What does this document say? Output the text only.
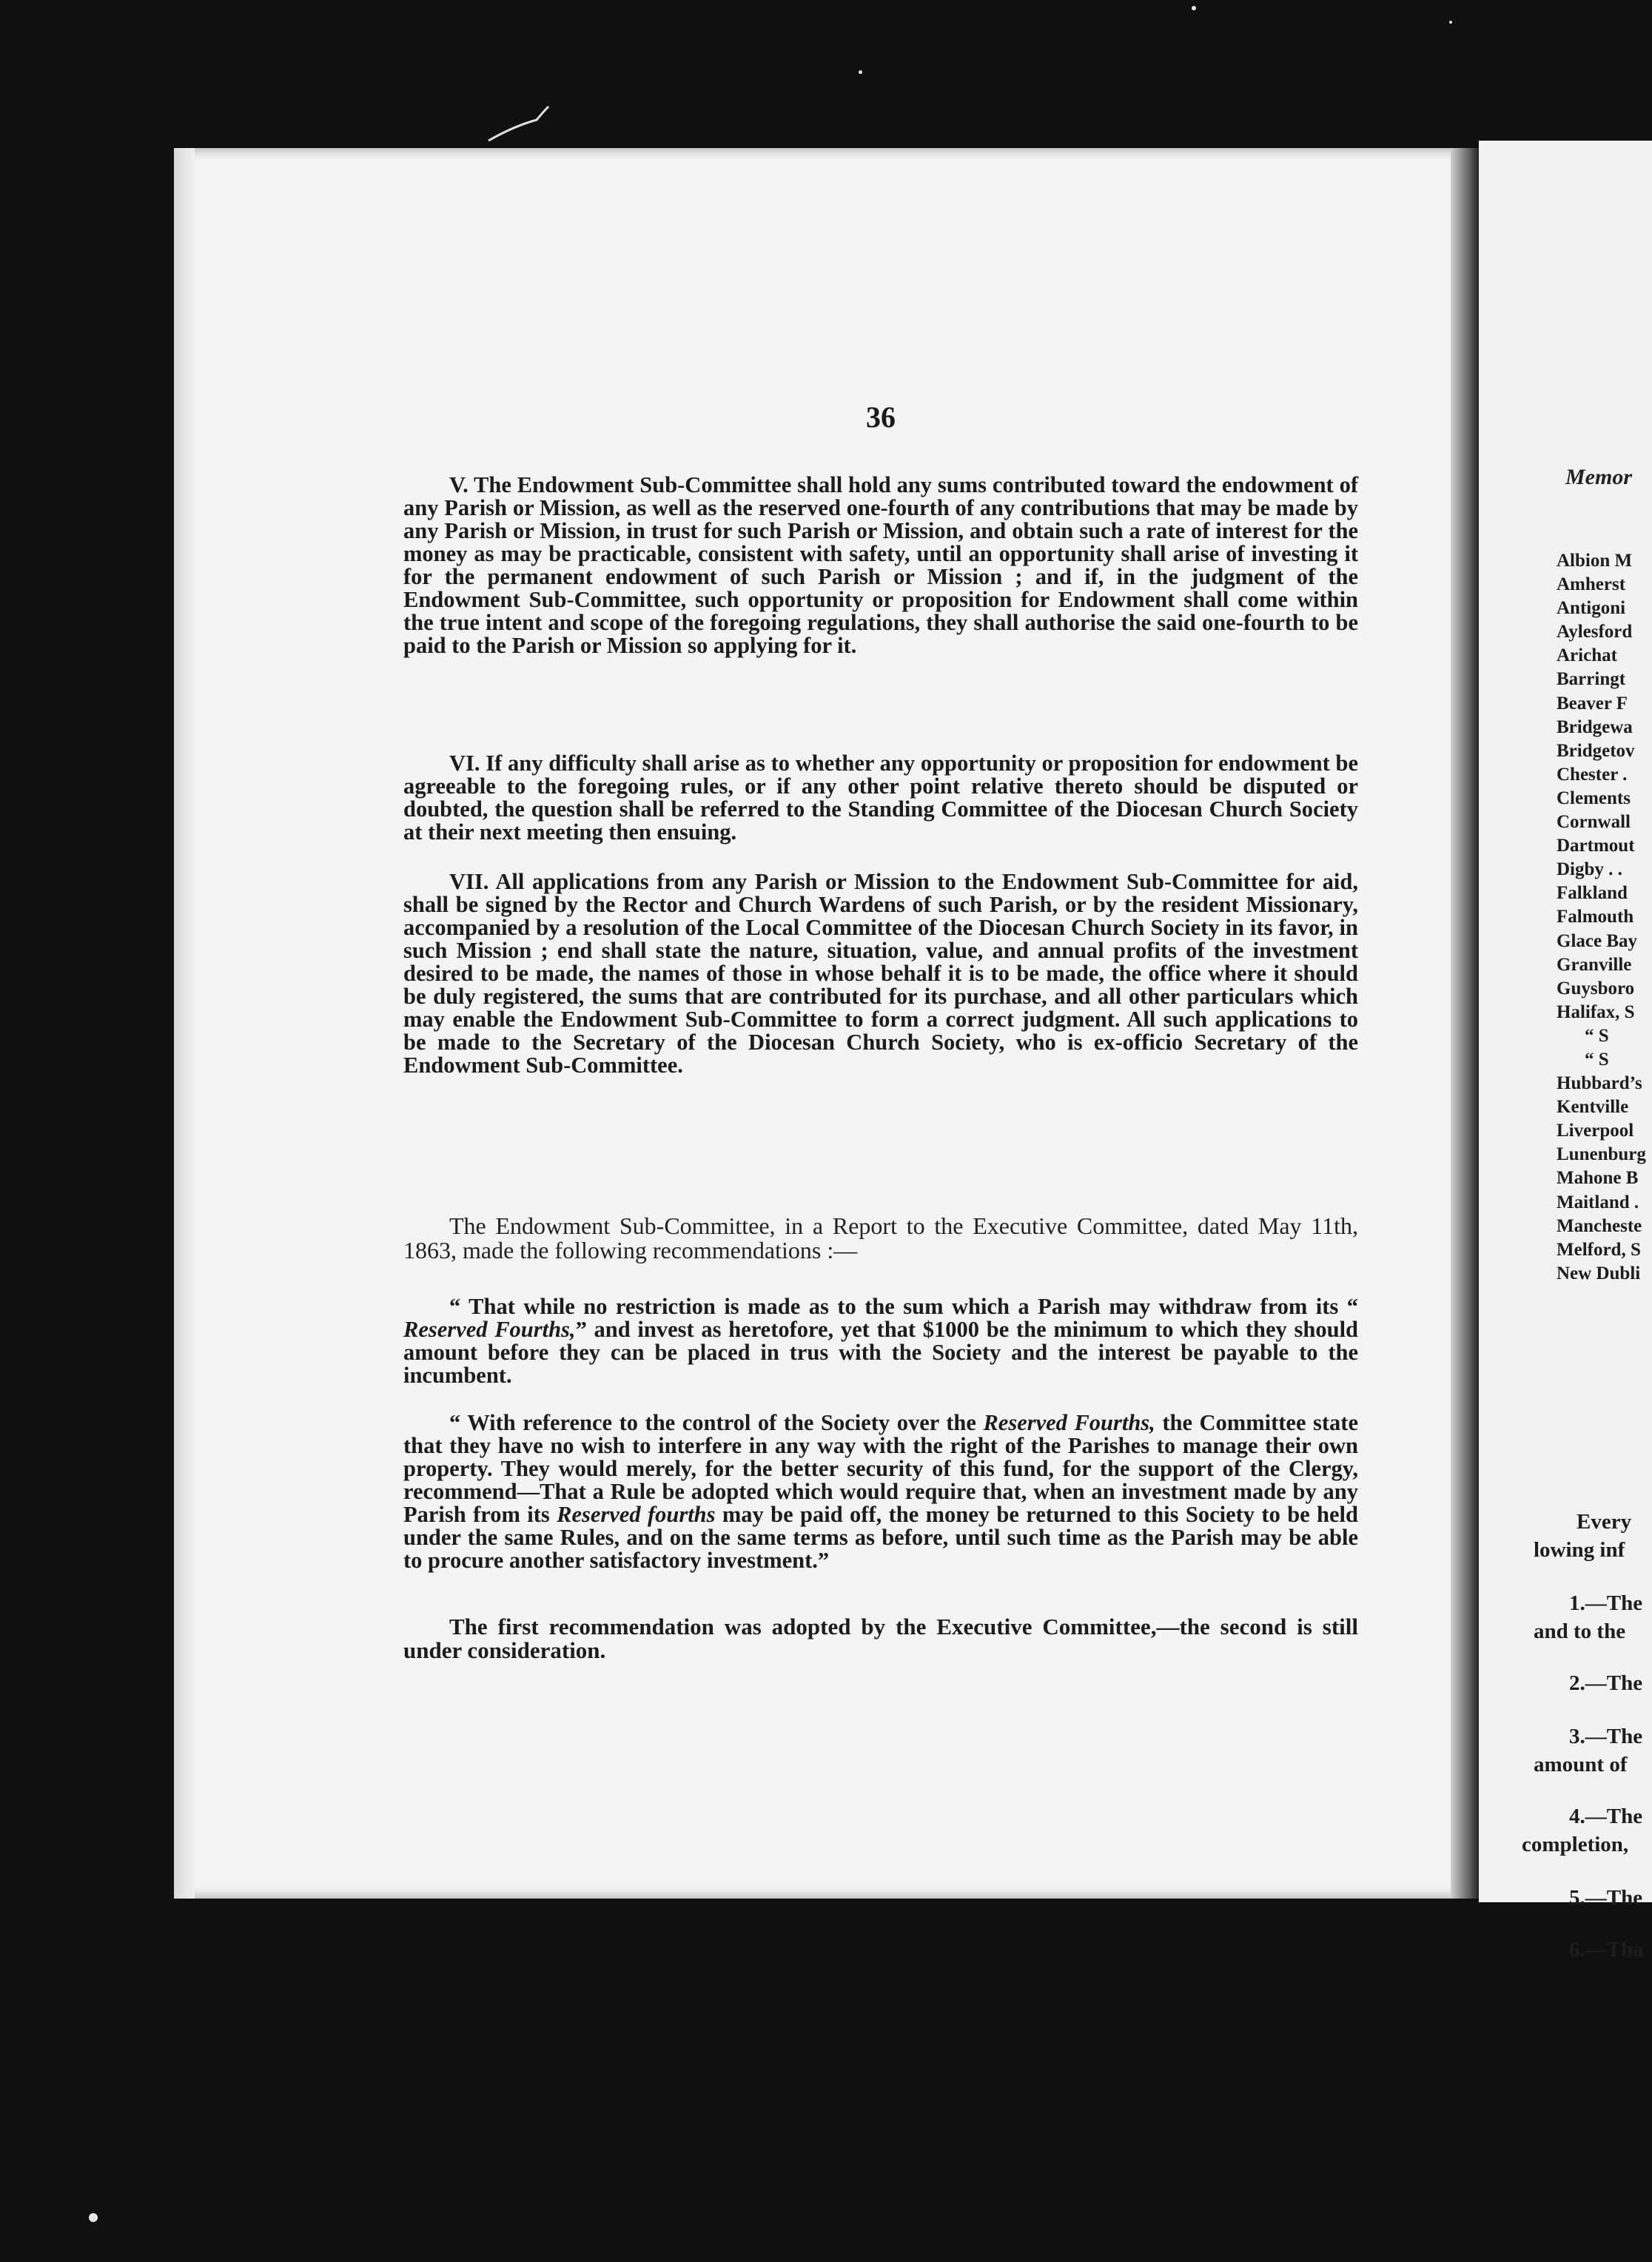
36

V. The Endowment Sub-Committee shall hold any sums contributed toward the endowment of any Parish or Mission, as well as the reserved one-fourth of any contributions that may be made by any Parish or Mission, in trust for such Parish or Mission, and obtain such a rate of interest for the money as may be practicable, consistent with safety, until an opportunity shall arise of investing it for the permanent endowment of such Parish or Mission ; and if, in the judgment of the Endowment Sub-Committee, such opportunity or proposition for Endowment shall come within the true intent and scope of the foregoing regulations, they shall authorise the said one-fourth to be paid to the Parish or Mission so applying for it.

VI. If any difficulty shall arise as to whether any opportunity or proposition for endowment be agreeable to the foregoing rules, or if any other point relative thereto should be disputed or doubted, the question shall be referred to the Standing Committee of the Diocesan Church Society at their next meeting then ensuing.

VII. All applications from any Parish or Mission to the Endowment Sub-Committee for aid, shall be signed by the Rector and Church Wardens of such Parish, or by the resident Missionary, accompanied by a resolution of the Local Committee of the Diocesan Church Society in its favor, in such Mission ; end shall state the nature, situation, value, and annual profits of the investment desired to be made, the names of those in whose behalf it is to be made, the office where it should be duly registered, the sums that are contributed for its purchase, and all other particulars which may enable the Endowment Sub-Committee to form a correct judgment. All such applications to be made to the Secretary of the Diocesan Church Society, who is ex-officio Secretary of the Endowment Sub-Committee.

The Endowment Sub-Committee, in a Report to the Executive Committee, dated May 11th, 1863, made the following recommendations :—

“ That while no restriction is made as to the sum which a Parish may withdraw from its “ Reserved Fourths,” and invest as heretofore, yet that $1000 be the minimum to which they should amount before they can be placed in trus with the Society and the interest be payable to the incumbent.

“ With reference to the control of the Society over the Reserved Fourths, the Committee state that they have no wish to interfere in any way with the right of the Parishes to manage their own property. They would merely, for the better security of this fund, for the support of the Clergy, recommend—That a Rule be adopted which would require that, when an investment made by any Parish from its Reserved fourths may be paid off, the money be returned to this Society to be held under the same Rules, and on the same terms as before, until such time as the Parish may be able to procure another satisfactory investment.”

The first recommendation was adopted by the Executive Committee,—the second is still under consideration.

Memor
Albion M
Amherst
Antigoni
Aylesford
Arichat
Barringt
Beaver F
Bridgewa
Bridgetov
Chester .
Clements
Cornwall
Dartmout
Digby . .
Falkland
Falmouth
Glace Bay
Granville
Guysboro
Halifax, S
“ S
“ S
Hubbard’s
Kentville
Liverpool
Lunenburg
Mahone B
Maitland .
Mancheste
Melford, S
New Dubli
Every
lowing inf
1.—The
and to the
2.—The
3.—The
amount of
4.—The
completion,
5.—The
6.—Tha
